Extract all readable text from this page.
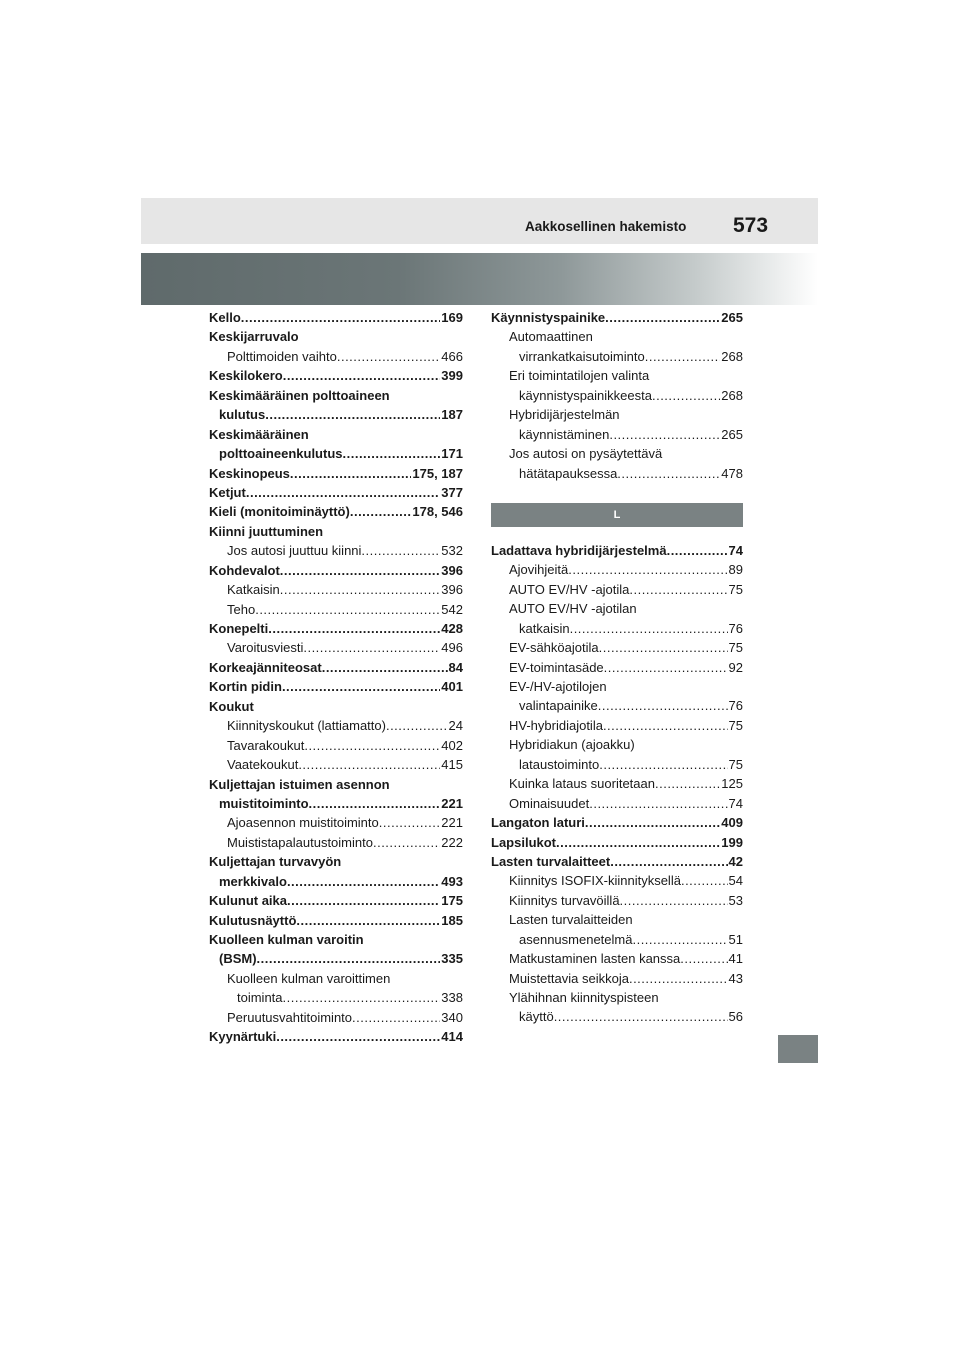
Aakkosellinen hakemisto 573
Kello .....	169
Keskijarruvalo
Polttimoiden vaihto .....	466
Keskilokero .....	399
Keskimääräinen polttoaineen
kulutus .....	187
Keskimääräinen
polttoaineenkulutus .....	171
Keskinopeus .....	175, 187
Ketjut .....	377
Kieli (monitoiminäyttö) .....	178, 546
Kiinni juuttuminen
Jos autosi juuttuu kiinni .....	532
Kohdevalot .....	396
Katkaisin .....	396
Teho .....	542
Konepelti .....	428
Varoitusviesti .....	496
Korkeajänniteosat .....	84
Kortin pidin .....	401
Koukut
Kiinnityskoukut (lattiamatto) .....	24
Tavarakoukut .....	402
Vaatekoukut .....	415
Kuljettajan istuimen asennon
muistitoiminto .....	221
Ajoasennon muistitoiminto .....	221
Muististapalautustoiminto .....	222
Kuljettajan turvavyön
merkkivalo .....	493
Kulunut aika .....	175
Kulutusnäyttö .....	185
Kuolleen kulman varoitin
(BSM) .....	335
Kuolleen kulman varoittimen
toiminta .....	338
Peruutusvahtitoiminto .....	340
Kyynärtuki .....	414
Käynnistyspainike .....	265
Automaattinen
virrankatkaisutoiminto .....	268
Eri toimintatilojen valinta
käynnistyspainikkeesta .....	268
Hybridijärjestelmän
käynnistäminen .....	265
Jos autosi on pysäytettävä
hätätapauksessa .....	478
L
Ladattava hybridijärjestelmä .....	74
Ajovihjeitä .....	89
AUTO EV/HV -ajotila .....	75
AUTO EV/HV -ajotilan
katkaisin .....	76
EV-sähköajotila .....	75
EV-toimintasäde .....	92
EV-/HV-ajotilojen
valintapainike .....	76
HV-hybridiajotila .....	75
Hybridiakun (ajoakku)
lataustoiminto .....	75
Kuinka lataus suoritetaan .....	125
Ominaisuudet .....	74
Langaton laturi .....	409
Lapsilukot .....	199
Lasten turvalaitteet .....	42
Kiinnitys ISOFIX-kiinnityksellä .....	54
Kiinnitys turvavöillä .....	53
Lasten turvalaitteiden
asennusmenetelmä .....	51
Matkustaminen lasten kanssa .....	41
Muistettavia seikkoja .....	43
Ylähihnan kiinnityspisteen
käyttö .....	56
